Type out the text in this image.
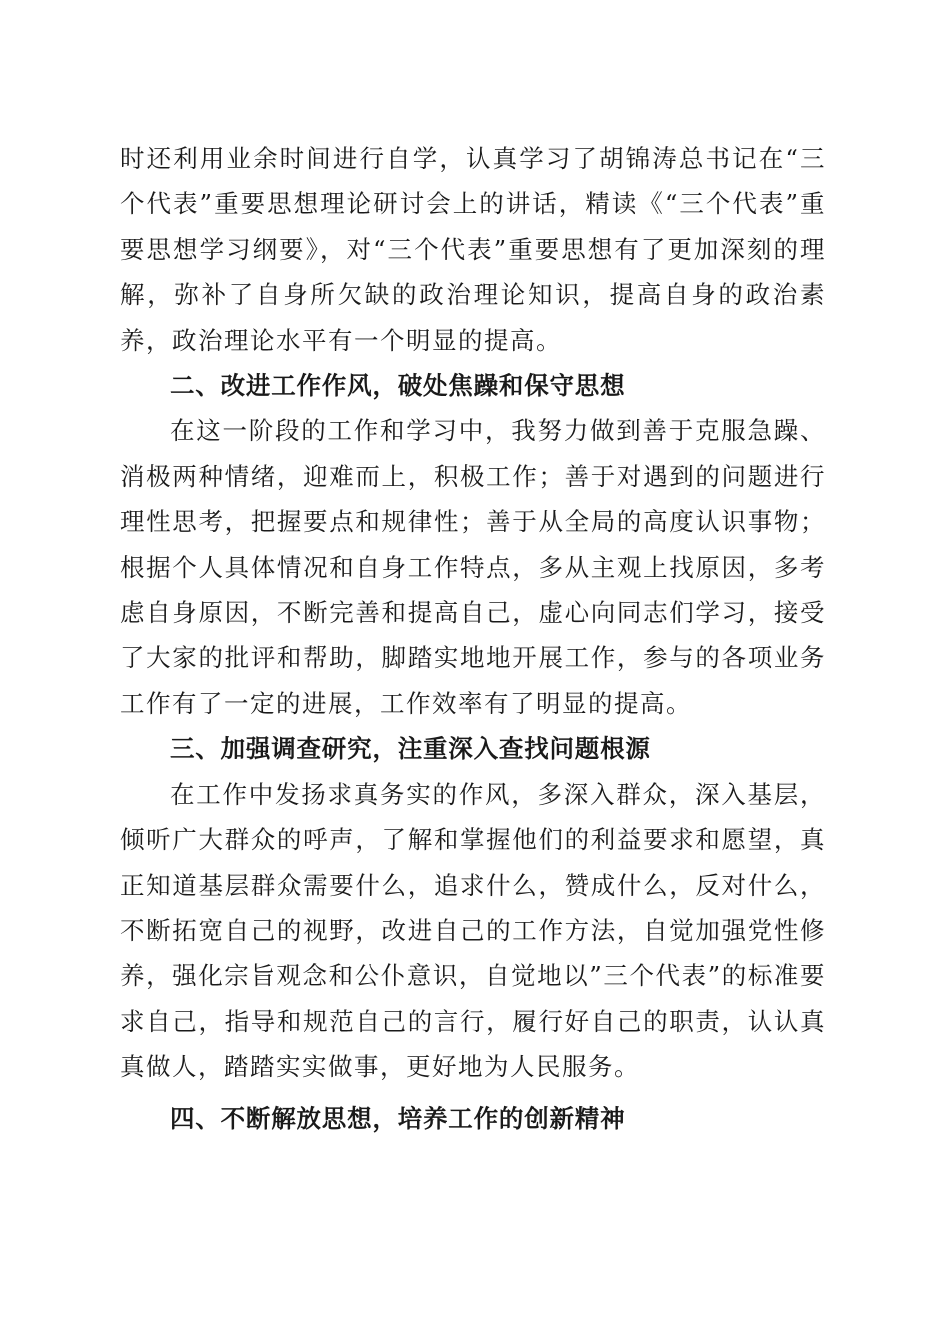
时还利用业余时间进行自学，认真学习了胡锦涛总书记在“三个代表”重要思想理论研讨会上的讲话，精读《“三个代表”重要思想学习纲要》，对“三个代表”重要思想有了更加深刻的理解，弥补了自身所欠缺的政治理论知识，提高自身的政治素养，政治理论水平有一个明显的提高。

二、改进工作作风，破处焦躁和保守思想

在这一阶段的工作和学习中，我努力做到善于克服急躁、消极两种情绪，迎难而上，积极工作；善于对遇到的问题进行理性思考，把握要点和规律性；善于从全局的高度认识事物；根据个人具体情况和自身工作特点，多从主观上找原因，多考虑自身原因，不断完善和提高自己，虚心向同志们学习，接受了大家的批评和帮助，脚踏实地地开展工作，参与的各项业务工作有了一定的进展，工作效率有了明显的提高。

三、加强调查研究，注重深入查找问题根源

在工作中发扬求真务实的作风，多深入群众，深入基层，倾听广大群众的呼声，了解和掌握他们的利益要求和愿望，真正知道基层群众需要什么，追求什么，赞成什么，反对什么，不断拓宽自己的视野，改进自己的工作方法，自觉加强党性修养，强化宗旨观念和公仆意识，自觉地以”三个代表”的标准要求自己，指导和规范自己的言行，履行好自己的职责，认认真真做人，踏踏实实做事，更好地为人民服务。

四、不断解放思想，培养工作的创新精神
